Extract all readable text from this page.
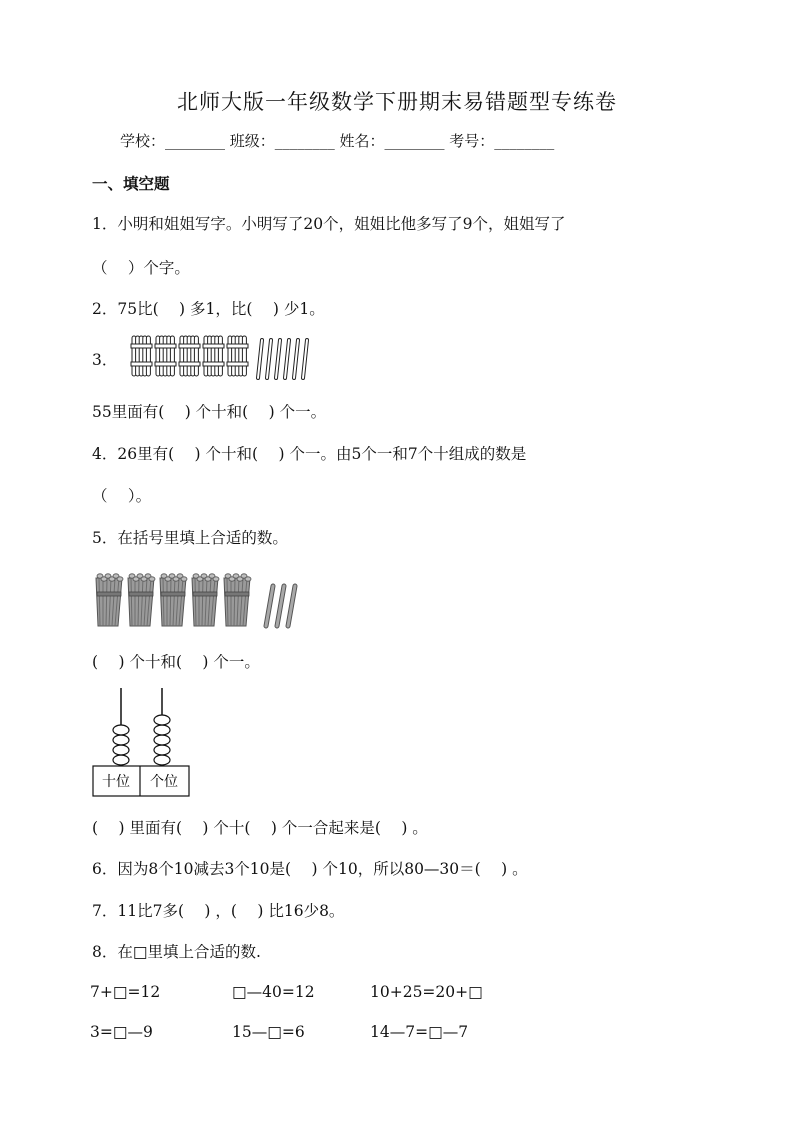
北师大版一年级数学下册期末易错题型专练卷
学校：________ 班级：________ 姓名：________ 考号：________
一、填空题
1．小明和姐姐写字。小明写了20个，姐姐比他多写了9个，姐姐写了
（　 ）个字。
2．75比(　 ) 多1，比(　 ) 少1。
3．
55里面有(　 ) 个十和(　 ) 个一。
4．26里有(　 ) 个十和(　 ) 个一。由5个一和7个十组成的数是
（　 ）。
5．在括号里填上合适的数。
(　 ) 个十和(　 ) 个一。
十位 个位
(　 ) 里面有(　 ) 个十(　 ) 个一合起来是(　 ) 。
6．因为8个10减去3个10是(　 ) 个10，所以80—30＝(　 ) 。
7．11比7多(　 ) ，(　 ) 比16少8。
8．在□里填上合适的数.
7+□=12	□—40=12	10+25=20+□
3=□—9	15—□=6	14—7=□—7
